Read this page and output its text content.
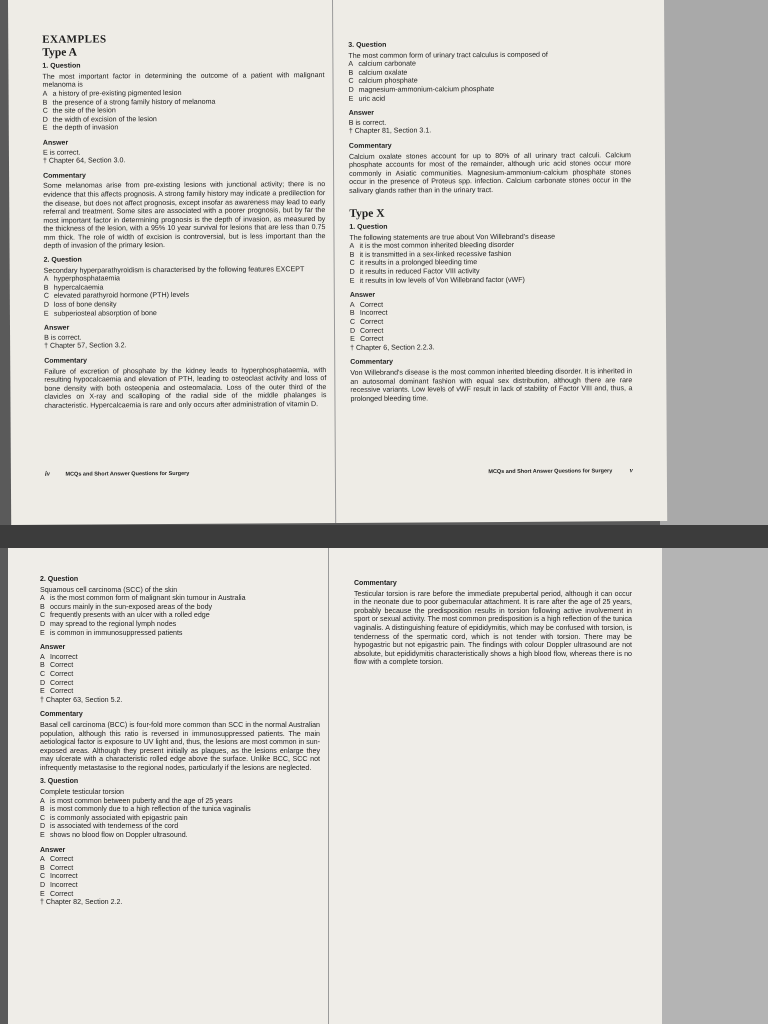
EXAMPLES
Type A
1. Question
The most important factor in determining the outcome of a patient with malignant melanoma is
A a history of pre-existing pigmented lesion
B the presence of a strong family history of melanoma
C the site of the lesion
D the width of excision of the lesion
E the depth of invasion
Answer
E is correct.
† Chapter 64, Section 3.0.
Commentary
Some melanomas arise from pre-existing lesions with junctional activity; there is no evidence that this affects prognosis. A strong family history may indicate a predilection for the disease, but does not affect prognosis, except insofar as awareness may lead to early referral and treatment. Some sites are associated with a poorer prognosis, but by far the most important factor in determining prognosis is the depth of invasion, as measured by the thickness of the lesion, with a 95% 10 year survival for lesions that are less than 0.75 mm thick. The role of width of excision is controversial, but is less important than the depth of invasion of the primary lesion.
2. Question
Secondary hyperparathyroidism is characterised by the following features EXCEPT
A hyperphosphataemia
B hypercalcaemia
C elevated parathyroid hormone (PTH) levels
D loss of bone density
E subperiosteal absorption of bone
Answer
B is correct.
† Chapter 57, Section 3.2.
Commentary
Failure of excretion of phosphate by the kidney leads to hyperphosphataemia, with resulting hypocalcaemia and elevation of PTH, leading to osteoclast activity and loss of bone density with both osteopenia and osteomalacia. Loss of the outer third of the clavicles on X-ray and scalloping of the radial side of the middle phalanges is characteristic. Hypercalcaemia is rare and only occurs after administration of vitamin D.
iv	MCQs and Short Answer Questions for Surgery
3. Question
The most common form of urinary tract calculus is composed of
A calcium carbonate
B calcium oxalate
C calcium phosphate
D magnesium-ammonium-calcium phosphate
E uric acid
Answer
B is correct.
† Chapter 81, Section 3.1.
Commentary
Calcium oxalate stones account for up to 80% of all urinary tract calculi. Calcium phosphate accounts for most of the remainder, although uric acid stones occur more commonly in Asiatic communities. Magnesium-ammonium-calcium phosphate stones occur in the presence of Proteus spp. infection. Calcium carbonate stones occur in the salivary glands rather than in the urinary tract.
Type X
1. Question
The following statements are true about Von Willebrand's disease
A it is the most common inherited bleeding disorder
B it is transmitted in a sex-linked recessive fashion
C it results in a prolonged bleeding time
D it results in reduced Factor VIII activity
E it results in low levels of Von Willebrand factor (vWF)
Answer
A Correct
B Incorrect
C Correct
D Correct
E Correct
† Chapter 6, Section 2.2.3.
Commentary
Von Willebrand's disease is the most common inherited bleeding disorder. It is inherited in an autosomal dominant fashion with equal sex distribution, although there are rare recessive variants. Low levels of vWF result in lack of stability of Factor VIII and, thus, a prolonged bleeding time.
MCQs and Short Answer Questions for Surgery v
2. Question
Squamous cell carcinoma (SCC) of the skin
A is the most common form of malignant skin tumour in Australia
B occurs mainly in the sun-exposed areas of the body
C frequently presents with an ulcer with a rolled edge
D may spread to the regional lymph nodes
E is common in immunosuppressed patients
Answer
A Incorrect
B Correct
C Correct
D Correct
E Correct
† Chapter 63, Section 5.2.
Commentary
Basal cell carcinoma (BCC) is four-fold more common than SCC in the normal Australian population, although this ratio is reversed in immunosuppressed patients. The main aetiological factor is exposure to UV light and, thus, the lesions are most common in sun-exposed areas. Although they present initially as plaques, as the lesions enlarge they may ulcerate with a characteristic rolled edge above the surface. Unlike BCC, SCC not infrequently metastasise to the regional nodes, particularly if the lesions are neglected.
3. Question
Complete testicular torsion
A is most common between puberty and the age of 25 years
B is most commonly due to a high reflection of the tunica vaginalis
C is commonly associated with epigastric pain
D is associated with tenderness of the cord
E shows no blood flow on Doppler ultrasound.
Answer
A Correct
B Correct
C Incorrect
D Incorrect
E Correct
† Chapter 82, Section 2.2.
Commentary
Testicular torsion is rare before the immediate prepubertal period, although it can occur in the neonate due to poor gubernacular attachment. It is rare after the age of 25 years, probably because the predisposition results in torsion following active involvement in sport or sexual activity. The most common predisposition is a high reflection of the tunica vaginalis. A distinguishing feature of epididymitis, which may be confused with torsion, is tenderness of the spermatic cord, which is not tender with torsion. There may be hypogastric but not epigastric pain. The findings with colour Doppler ultrasound are not absolute, but epididymitis characteristically shows a high blood flow, whereas there is no flow with a complete torsion.
